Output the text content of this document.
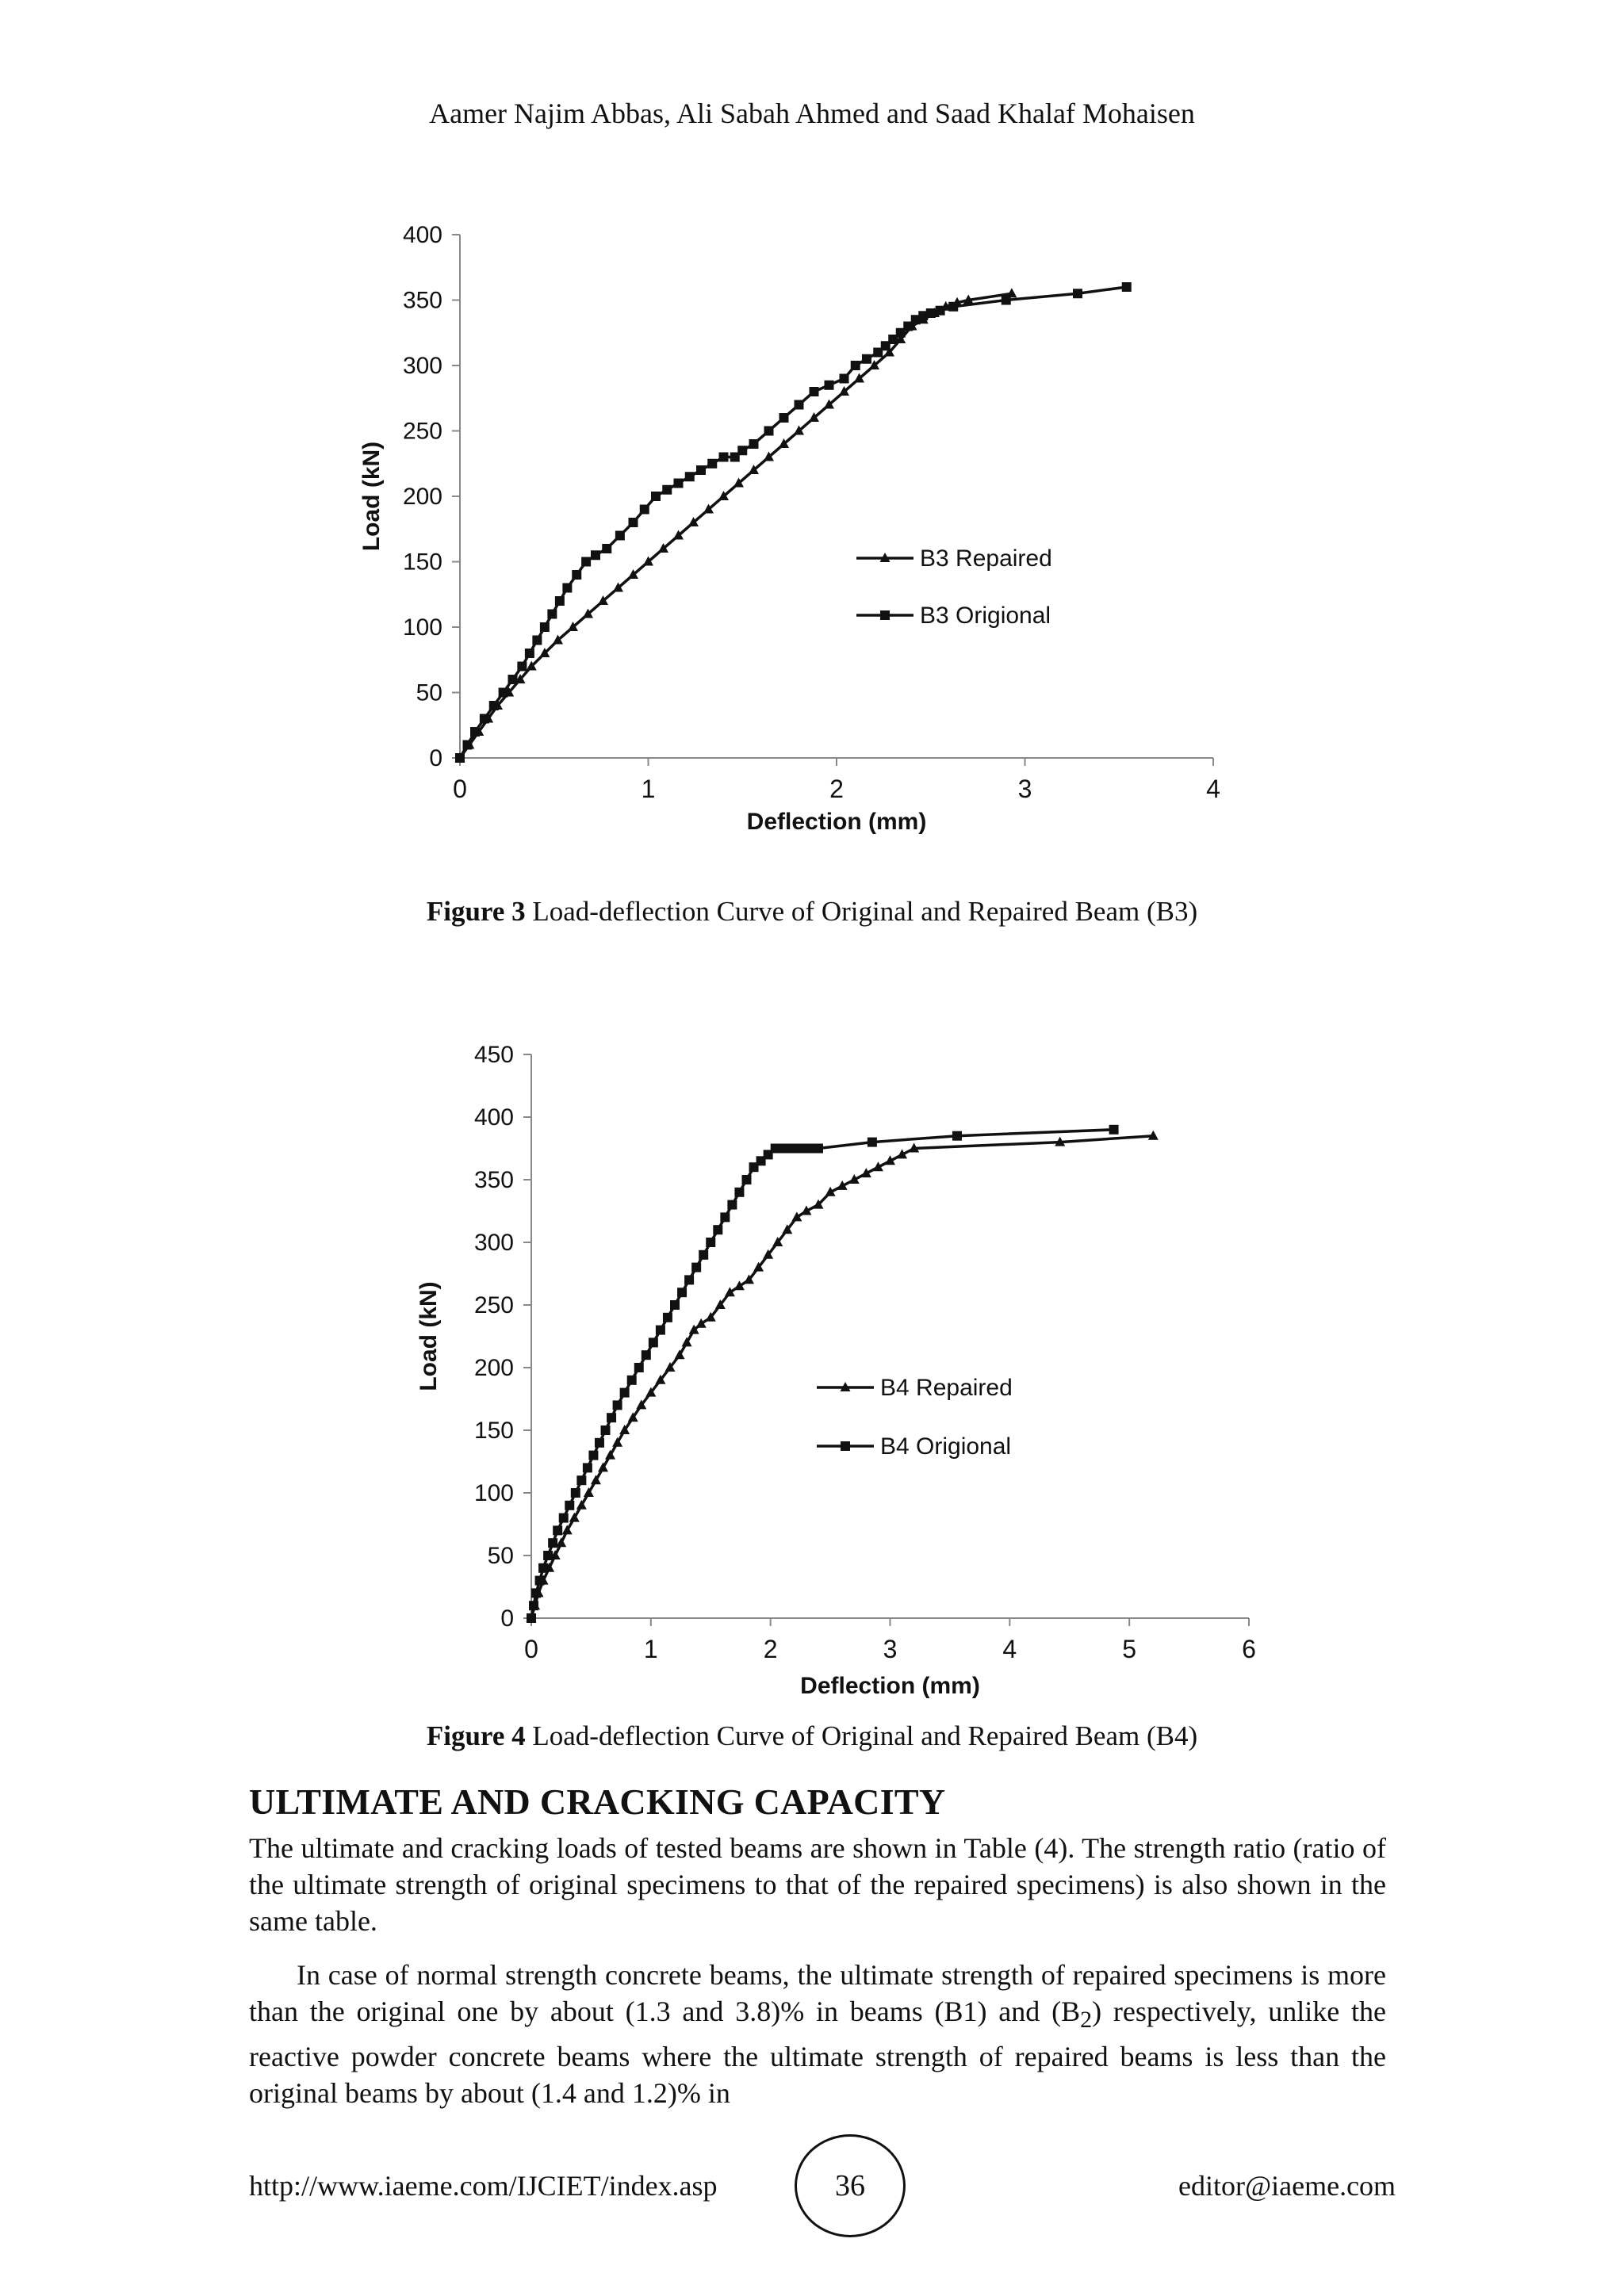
Aamer Najim Abbas, Ali Sabah Ahmed and Saad Khalaf Mohaisen
0
50
100
150
200
250
300
350
400
0	1	2	3	4
Deflection (mm)
Load (kN)
B3 Repaired
B3 Origional
Figure 3 Load-deflection Curve of Original and Repaired Beam (B3)
0
50
100
150
200
250
300
350
400
450
0	1	2	3	4	5	6
Deflection (mm)
Load (kN)	B4 Repaired
B4 Origional
Figure 4 Load-deflection Curve of Original and Repaired Beam (B4)
ULTIMATE AND CRACKING CAPACITY

The ultimate and cracking loads of tested beams are shown in Table (4). The strength ratio (ratio of the ultimate strength of original specimens to that of the repaired specimens) is also shown in the same table.

In case of normal strength concrete beams, the ultimate strength of repaired specimens is more than the original one by about (1.3 and 3.8)% in beams (B1) and $(B_2)$ respectively, unlike the reactive powder concrete beams where the ultimate strength of repaired beams is less than the original beams by about (1.4 and 1.2)% in

http://www.iaeme.com/IJCIET/index.asp	36	editor@iaeme.com
